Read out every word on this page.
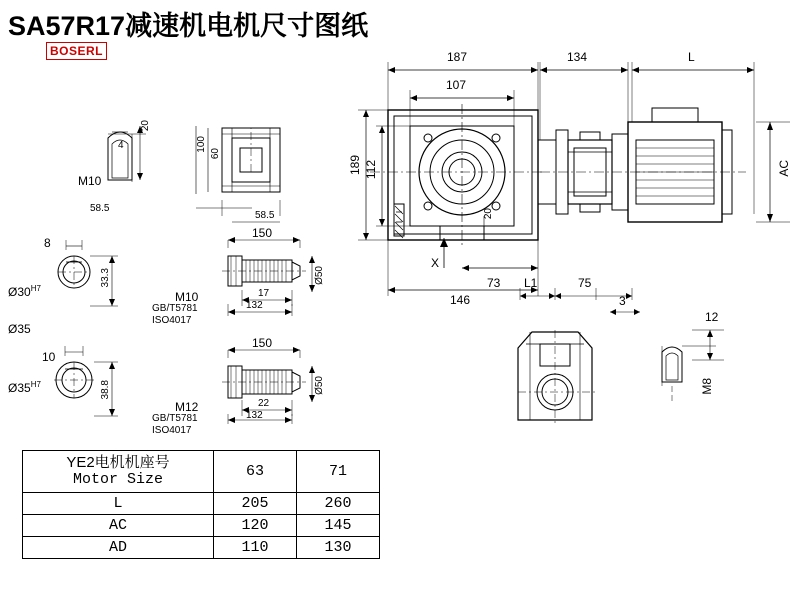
SA57R17减速机电机尺寸图纸
BOSERL	187
107
134	L
189 112	AC
20
X
73
146
100
60
58.5
58.5
20
4
M10
8
$Ø30^{H7}$
33.3
Ø35
10
$Ø35^{H7}$	38.8
150
M10
GB/T5781
ISO4017
17
132
Ø50
150
M12
GB/T5781
ISO4017
22
132
Ø50
L1	75
3
12
M8
YE2电机机座号
Motor Size	63	71
L	205	260
AC	120	145
AD	110	130
